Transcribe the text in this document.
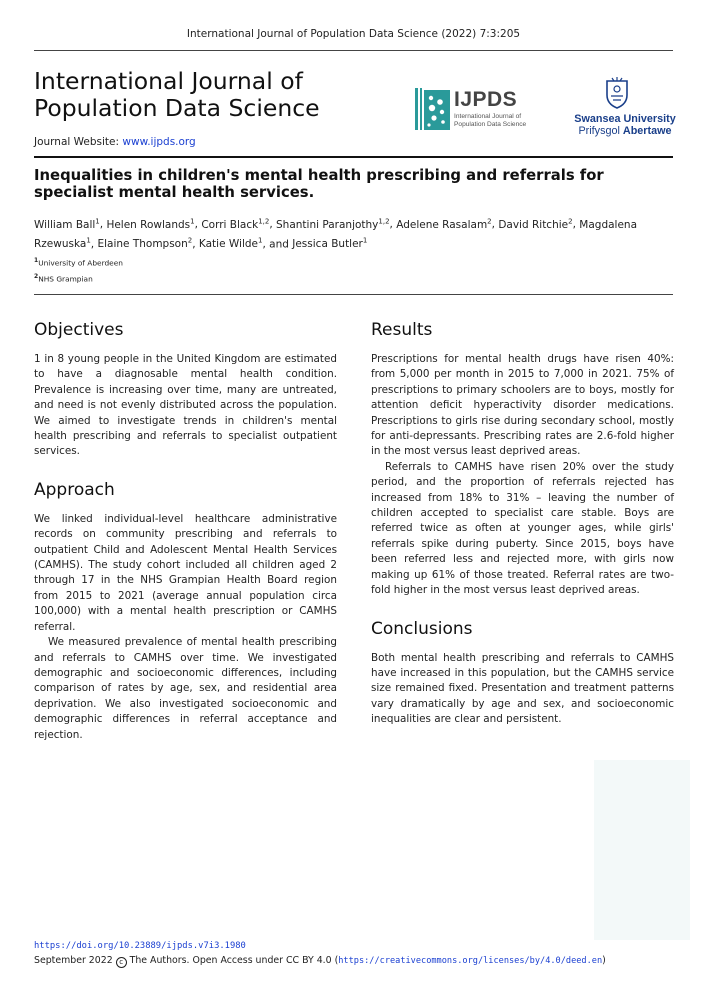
International Journal of Population Data Science (2022) 7:3:205
International Journal of
Population Data Science	IJPDS
International Journal of
Population Data Science	Swansea University
Prifysgol Abertawe
Journal Website: www.ijpds.org
Inequalities in children's mental health prescribing and referrals for specialist mental health services.
William Ball$^1$, Helen Rowlands$^1$, Corri Black$^{1,2}$, Shantini Paranjothy$^{1,2}$, Adelene Rasalam$^2$, David Ritchie$^2$, Magdalena Rzewuska$^1$, Elaine Thompson$^2$, Katie Wilde$^1$, and Jessica Butler$^1$
$^1$University of Aberdeen
$^2$NHS Grampian
Objectives

1 in 8 young people in the United Kingdom are estimated to have a diagnosable mental health condition. Prevalence is increasing over time, many are untreated, and need is not evenly distributed across the population. We aimed to investigate trends in children's mental health prescribing and referrals to specialist outpatient services.

Approach

We linked individual-level healthcare administrative records on community prescribing and referrals to outpatient Child and Adolescent Mental Health Services (CAMHS). The study cohort included all children aged 2 through 17 in the NHS Grampian Health Board region from 2015 to 2021 (average annual population circa 100,000) with a mental health prescription or CAMHS referral.

We measured prevalence of mental health prescribing and referrals to CAMHS over time. We investigated demographic and socioeconomic differences, including comparison of rates by age, sex, and residential area deprivation. We also investigated socioeconomic and demographic differences in referral acceptance and rejection.

Results

Prescriptions for mental health drugs have risen 40%: from 5,000 per month in 2015 to 7,000 in 2021. 75% of prescriptions to primary schoolers are to boys, mostly for attention deficit hyperactivity disorder medications. Prescriptions to girls rise during secondary school, mostly for anti-depressants. Prescribing rates are 2.6-fold higher in the most versus least deprived areas.

Referrals to CAMHS have risen 20% over the study period, and the proportion of referrals rejected has increased from 18% to 31% – leaving the number of children accepted to specialist care stable. Boys are referred twice as often at younger ages, while girls' referrals spike during puberty. Since 2015, boys have been referred less and rejected more, with girls now making up 61% of those treated. Referral rates are two-fold higher in the most versus least deprived areas.

Conclusions

Both mental health prescribing and referrals to CAMHS have increased in this population, but the CAMHS service size remained fixed. Presentation and treatment patterns vary dramatically by age and sex, and socioeconomic inequalities are clear and persistent.

https://doi.org/10.23889/ijpds.v7i3.1980
September 2022 c The Authors. Open Access under CC BY 4.0 (https://creativecommons.org/licenses/by/4.0/deed.en)
